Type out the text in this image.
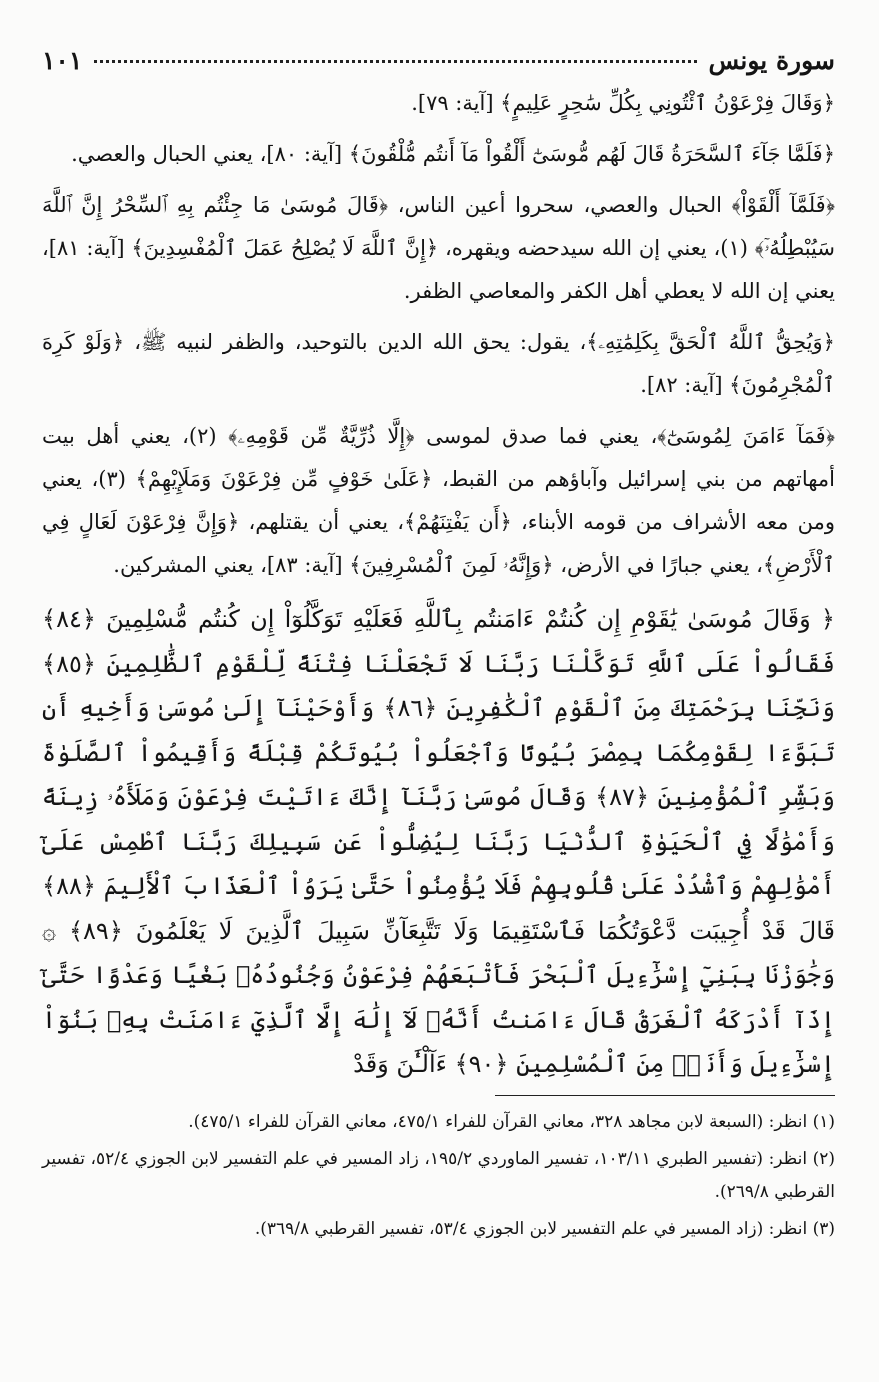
سورة يونس
١٠١

﴿وَقَالَ فِرْعَوْنُ ٱئْتُونِي بِكُلِّ سَٰحِرٍ عَلِيمٍ﴾ [آية: ٧٩].

﴿فَلَمَّا جَآءَ ٱلسَّحَرَةُ قَالَ لَهُم مُّوسَىٰٓ أَلْقُواْ مَآ أَنتُم مُّلْقُونَ﴾ [آية: ٨٠]، يعني الحبال والعصي.

﴿فَلَمَّآ أَلْقَوْاْ﴾ الحبال والعصي، سحروا أعين الناس، ﴿قَالَ مُوسَىٰ مَا جِئْتُم بِهِ ٱلسِّحْرُ إِنَّ ٱللَّهَ سَيُبْطِلُهُۥٓ﴾ (١)، يعني إن الله سيدحضه ويقهره، ﴿إِنَّ ٱللَّهَ لَا يُصْلِحُ عَمَلَ ٱلْمُفْسِدِينَ﴾ [آية: ٨١]، يعني إن الله لا يعطي أهل الكفر والمعاصي الظفر.

﴿وَيُحِقُّ ٱللَّهُ ٱلْحَقَّ بِكَلِمَٰتِهِۦ﴾، يقول: يحق الله الدين بالتوحيد، والظفر لنبيه ﷺ، ﴿وَلَوْ كَرِهَ ٱلْمُجْرِمُونَ﴾ [آية: ٨٢].

﴿فَمَآ ءَامَنَ لِمُوسَىٰٓ﴾، يعني فما صدق لموسى ﴿إِلَّا ذُرِّيَّةٌ مِّن قَوْمِهِۦ﴾ (٢)، يعني أهل بيت أمهاتهم من بني إسرائيل وآباؤهم من القبط، ﴿عَلَىٰ خَوْفٍ مِّن فِرْعَوْنَ وَمَلَإِيْهِمْ﴾ (٣)، يعني ومن معه الأشراف من قومه الأبناء، ﴿أَن يَفْتِنَهُمْ﴾، يعني أن يقتلهم، ﴿وَإِنَّ فِرْعَوْنَ لَعَالٍ فِي ٱلْأَرْضِ﴾، يعني جبارًا في الأرض، ﴿وَإِنَّهُۥ لَمِنَ ٱلْمُسْرِفِينَ﴾ [آية: ٨٣]، يعني المشركين.

﴿ وَقَالَ مُوسَىٰ يَٰقَوْمِ إِن كُنتُمْ ءَامَنتُم بِٱللَّهِ فَعَلَيْهِ تَوَكَّلُوٓاْ إِن كُنتُم مُّسْلِمِينَ ﴿٨٤﴾ فَقَالُواْ عَلَى ٱللَّهِ تَوَكَّلْنَا رَبَّنَا لَا تَجْعَلْنَا فِتْنَةً لِّلْقَوْمِ ٱلظَّٰلِمِينَ ﴿٨٥﴾ وَنَجِّنَا بِرَحْمَتِكَ مِنَ ٱلْقَوْمِ ٱلْكَٰفِرِينَ ﴿٨٦﴾ وَأَوْحَيْنَآ إِلَىٰ مُوسَىٰ وَأَخِيهِ أَن تَبَوَّءَا لِقَوْمِكُمَا بِمِصْرَ بُيُوتًا وَٱجْعَلُواْ بُيُوتَكُمْ قِبْلَةً وَأَقِيمُواْ ٱلصَّلَوٰةَ وَبَشِّرِ ٱلْمُؤْمِنِينَ ﴿٨٧﴾ وَقَالَ مُوسَىٰ رَبَّنَآ إِنَّكَ ءَاتَيْتَ فِرْعَوْنَ وَمَلَأَهُۥ زِينَةً وَأَمْوَٰلًا فِي ٱلْحَيَوٰةِ ٱلدُّنْيَا رَبَّنَا لِيُضِلُّواْ عَن سَبِيلِكَ رَبَّنَا ٱطْمِسْ عَلَىٰٓ أَمْوَٰلِهِمْ وَٱشْدُدْ عَلَىٰ قُلُوبِهِمْ فَلَا يُؤْمِنُواْ حَتَّىٰ يَرَوُاْ ٱلْعَذَابَ ٱلْأَلِيمَ ﴿٨٨﴾ قَالَ قَدْ أُجِيبَت دَّعْوَتُكُمَا فَٱسْتَقِيمَا وَلَا تَتَّبِعَآنِّ سَبِيلَ ٱلَّذِينَ لَا يَعْلَمُونَ ﴿٨٩﴾ ۞ وَجَٰوَزْنَا بِبَنِيٓ إِسْرَٰٓءِيلَ ٱلْبَحْرَ فَأَتْبَعَهُمْ فِرْعَوْنُ وَجُنُودُهُۥ بَغْيًا وَعَدْوًا حَتَّىٰٓ إِذَآ أَدْرَكَهُ ٱلْغَرَقُ قَالَ ءَامَنتُ أَنَّهُۥ لَآ إِلَٰهَ إِلَّا ٱلَّذِيٓ ءَامَنَتْ بِهِۦ بَنُوٓاْ إِسْرَٰٓءِيلَ وَأَنَا۠ مِنَ ٱلْمُسْلِمِينَ ﴿٩٠﴾ ءَآلْـَٰٔنَ وَقَدْ

(١) انظر: (السبعة لابن مجاهد ٣٢٨، معاني القرآن للفراء ٤٧٥/١، معاني القرآن للفراء ٤٧٥/١).

(٢) انظر: (تفسير الطبري ١٠٣/١١، تفسير الماوردي ١٩٥/٢، زاد المسير في علم التفسير لابن الجوزي ٥٢/٤، تفسير القرطبي ٢٦٩/٨).

(٣) انظر: (زاد المسير في علم التفسير لابن الجوزي ٥٣/٤، تفسير القرطبي ٣٦٩/٨).
